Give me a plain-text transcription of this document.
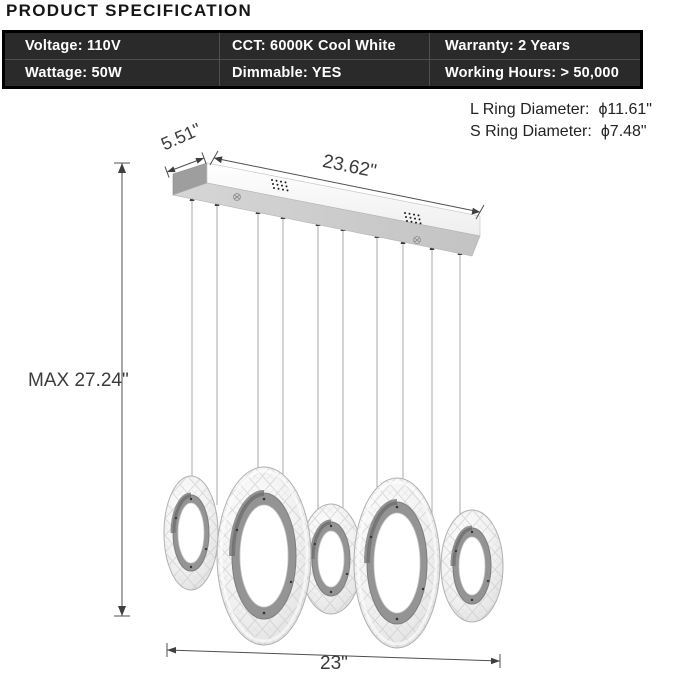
PRODUCT SPECIFICATION
Voltage: 110V	CCT: 6000K Cool White	Warranty: 2 Years
Wattage: 50W	Dimmable: YES	Working Hours: > 50,000
L Ring Diameter: ϕ11.61"
S Ring Diameter: ϕ7.48"
5.51"
23.62"
MAX 27.24"
23"
